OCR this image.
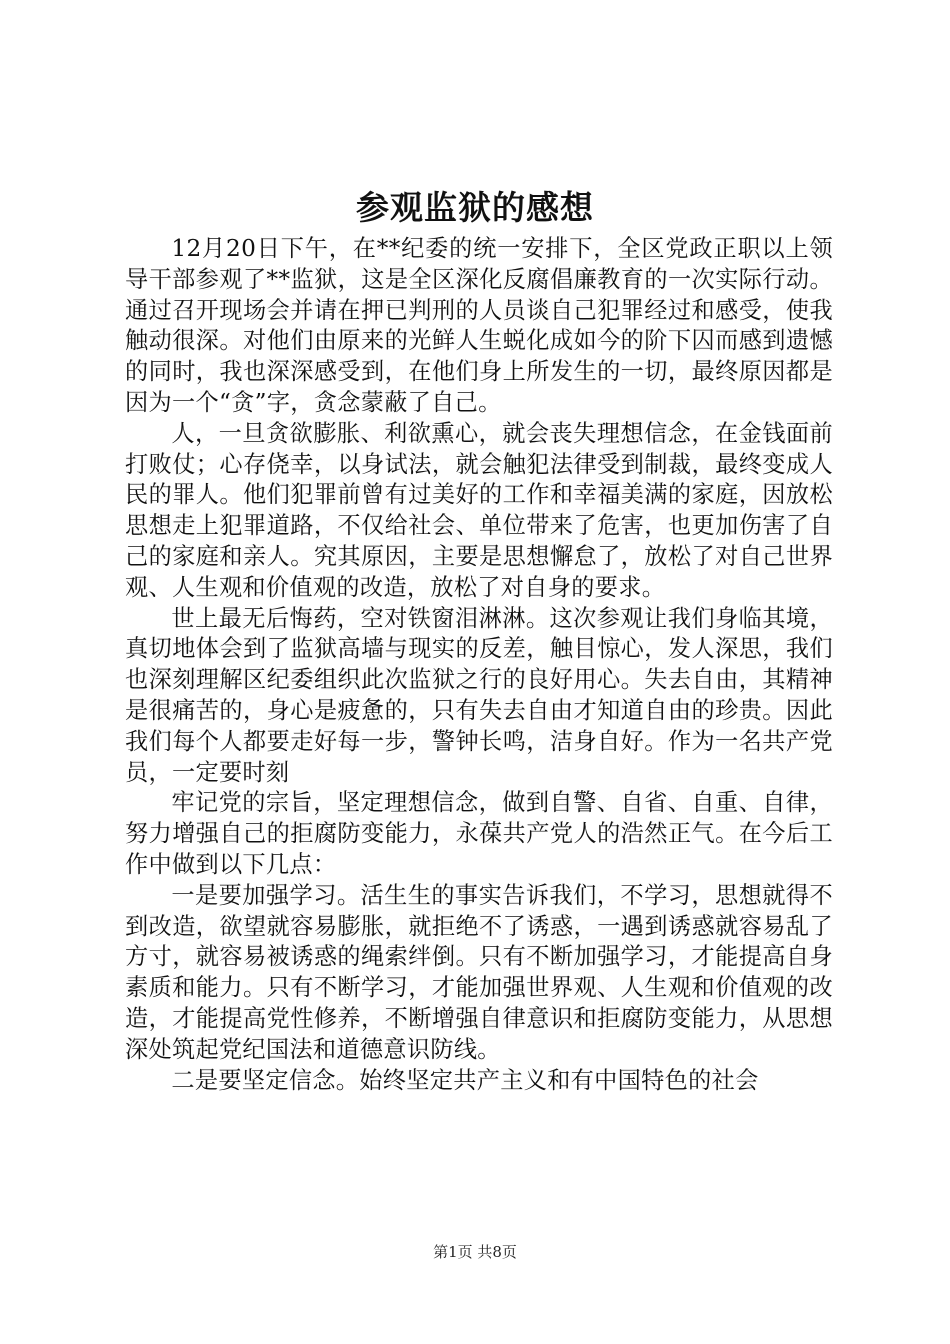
参观监狱的感想

12月20日下午，在**纪委的统一安排下，全区党政正职以上领导干部参观了**监狱，这是全区深化反腐倡廉教育的一次实际行动。通过召开现场会并请在押已判刑的人员谈自己犯罪经过和感受，使我触动很深。对他们由原来的光鲜人生蜕化成如今的阶下囚而感到遗憾的同时，我也深深感受到，在他们身上所发生的一切，最终原因都是因为一个“贪”字，贪念蒙蔽了自己。

人，一旦贪欲膨胀、利欲熏心，就会丧失理想信念，在金钱面前打败仗；心存侥幸，以身试法，就会触犯法律受到制裁，最终变成人民的罪人。他们犯罪前曾有过美好的工作和幸福美满的家庭，因放松思想走上犯罪道路，不仅给社会、单位带来了危害，也更加伤害了自己的家庭和亲人。究其原因，主要是思想懈怠了，放松了对自己世界观、人生观和价值观的改造，放松了对自身的要求。

世上最无后悔药，空对铁窗泪淋淋。这次参观让我们身临其境，真切地体会到了监狱高墙与现实的反差，触目惊心，发人深思，我们也深刻理解区纪委组织此次监狱之行的良好用心。失去自由，其精神是很痛苦的，身心是疲惫的，只有失去自由才知道自由的珍贵。因此我们每个人都要走好每一步，警钟长鸣，洁身自好。作为一名共产党员，一定要时刻

牢记党的宗旨，坚定理想信念，做到自警、自省、自重、自律，努力增强自己的拒腐防变能力，永葆共产党人的浩然正气。在今后工作中做到以下几点：

一是要加强学习。活生生的事实告诉我们，不学习，思想就得不到改造，欲望就容易膨胀，就拒绝不了诱惑，一遇到诱惑就容易乱了方寸，就容易被诱惑的绳索绊倒。只有不断加强学习，才能提高自身素质和能力。只有不断学习，才能加强世界观、人生观和价值观的改造，才能提高党性修养，不断增强自律意识和拒腐防变能力，从思想深处筑起党纪国法和道德意识防线。

二是要坚定信念。始终坚定共产主义和有中国特色的社会

第1页 共8页
